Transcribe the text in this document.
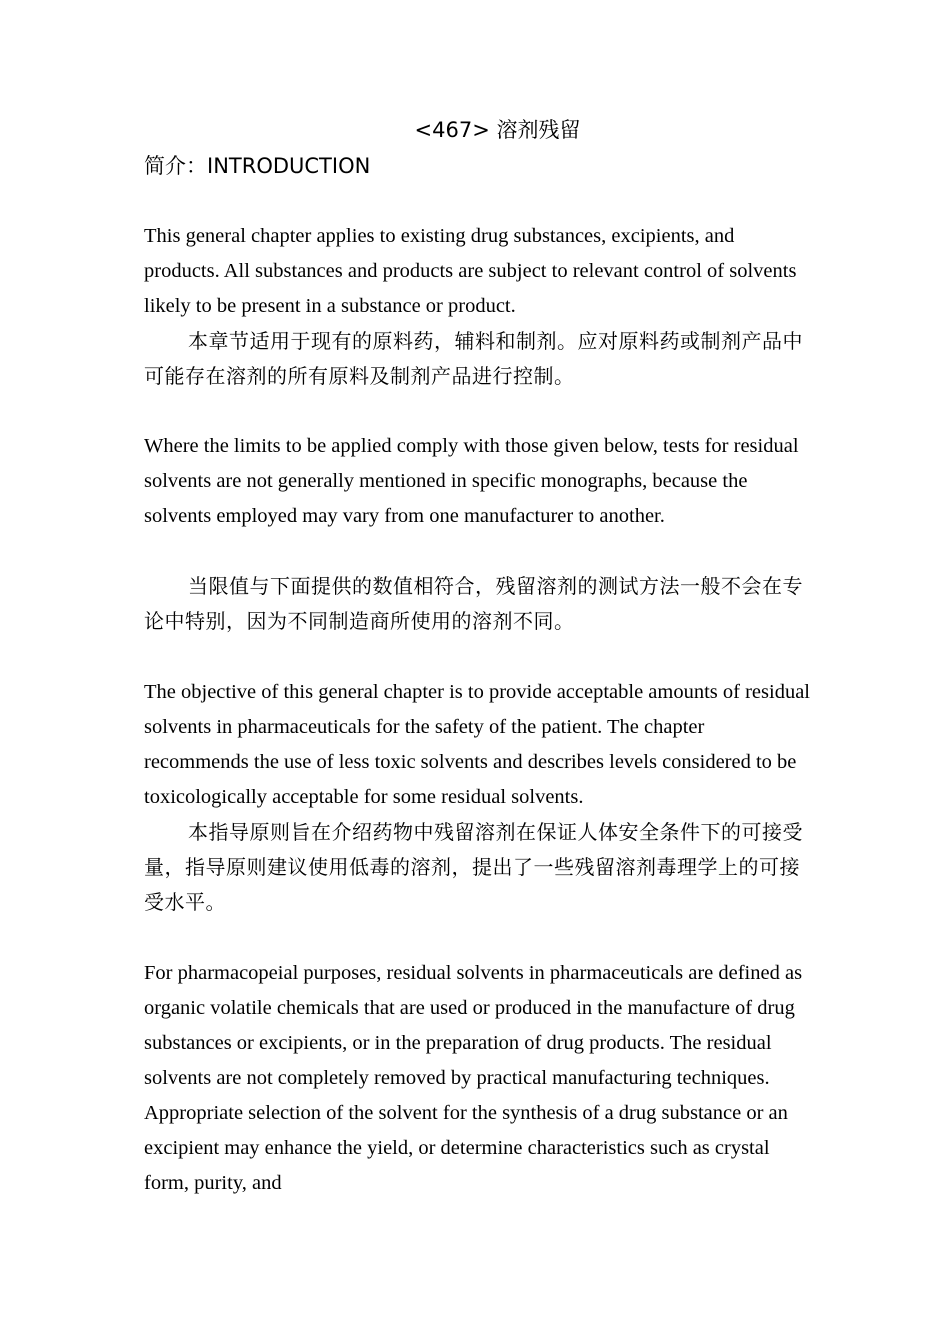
<467> 溶剂残留
简介：INTRODUCTION

This general chapter applies to existing drug substances, excipients, and products. All substances and products are subject to relevant control of solvents likely to be present in a substance or product.

本章节适用于现有的原料药，辅料和制剂。应对原料药或制剂产品中可能存在溶剂的所有原料及制剂产品进行控制。

Where the limits to be applied comply with those given below, tests for residual solvents are not generally mentioned in specific monographs, because the solvents employed may vary from one manufacturer to another.

当限值与下面提供的数值相符合，残留溶剂的测试方法一般不会在专论中特别，因为不同制造商所使用的溶剂不同。

The objective of this general chapter is to provide acceptable amounts of residual solvents in pharmaceuticals for the safety of the patient. The chapter recommends the use of less toxic solvents and describes levels considered to be toxicologically acceptable for some residual solvents.

本指导原则旨在介绍药物中残留溶剂在保证人体安全条件下的可接受量，指导原则建议使用低毒的溶剂，提出了一些残留溶剂毒理学上的可接受水平。

For pharmacopeial purposes, residual solvents in pharmaceuticals are defined as organic volatile chemicals that are used or produced in the manufacture of drug substances or excipients, or in the preparation of drug products. The residual solvents are not completely removed by practical manufacturing techniques. Appropriate selection of the solvent for the synthesis of a drug substance or an excipient may enhance the yield, or determine characteristics such as crystal form, purity, and
